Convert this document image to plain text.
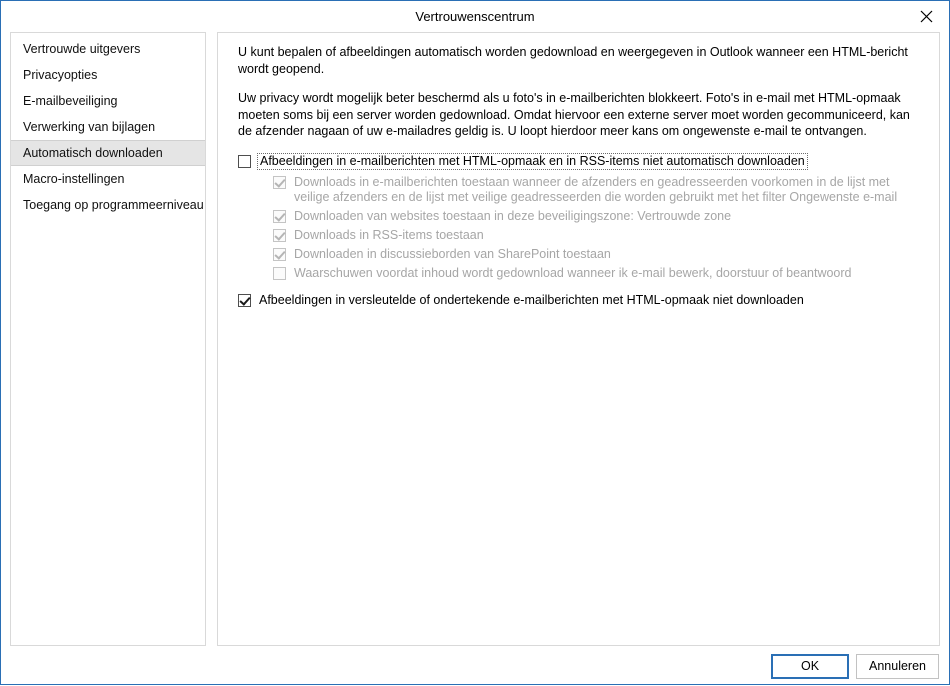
Vertrouwenscentrum
Vertrouwde uitgevers
Privacyopties
E-mailbeveiliging
Verwerking van bijlagen
Automatisch downloaden
Macro-instellingen
Toegang op programmeerniveau

U kunt bepalen of afbeeldingen automatisch worden gedownload en weergegeven in Outlook wanneer een HTML-bericht wordt geopend.

Uw privacy wordt mogelijk beter beschermd als u foto's in e-mailberichten blokkeert. Foto's in e-mail met HTML-opmaak moeten soms bij een server worden gedownload. Omdat hiervoor een externe server moet worden gecommuniceerd, kan de afzender nagaan of uw e-mailadres geldig is. U loopt hierdoor meer kans om ongewenste e-mail te ontvangen.

Afbeeldingen in e-mailberichten met HTML-opmaak en in RSS-items niet automatisch downloaden
Downloads in e-mailberichten toestaan wanneer de afzenders en geadresseerden voorkomen in de lijst met veilige afzenders en de lijst met veilige geadresseerden die worden gebruikt met het filter Ongewenste e-mail
Downloaden van websites toestaan in deze beveiligingszone: Vertrouwde zone
Downloads in RSS-items toestaan
Downloaden in discussieborden van SharePoint toestaan
Waarschuwen voordat inhoud wordt gedownload wanneer ik e-mail bewerk, doorstuur of beantwoord
Afbeeldingen in versleutelde of ondertekende e-mailberichten met HTML-opmaak niet downloaden
OK	Annuleren
